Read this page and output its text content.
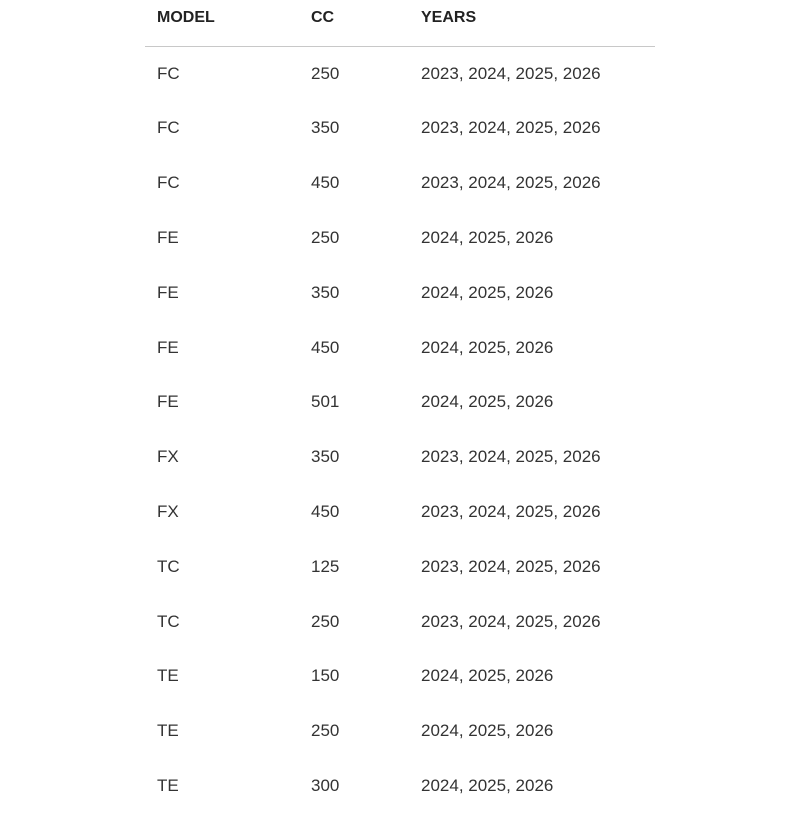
MODEL	CC	YEARS
FC	250	2023, 2024, 2025, 2026
FC	350	2023, 2024, 2025, 2026
FC	450	2023, 2024, 2025, 2026
FE	250	2024, 2025, 2026
FE	350	2024, 2025, 2026
FE	450	2024, 2025, 2026
FE	501	2024, 2025, 2026
FX	350	2023, 2024, 2025, 2026
FX	450	2023, 2024, 2025, 2026
TC	125	2023, 2024, 2025, 2026
TC	250	2023, 2024, 2025, 2026
TE	150	2024, 2025, 2026
TE	250	2024, 2025, 2026
TE	300	2024, 2025, 2026
